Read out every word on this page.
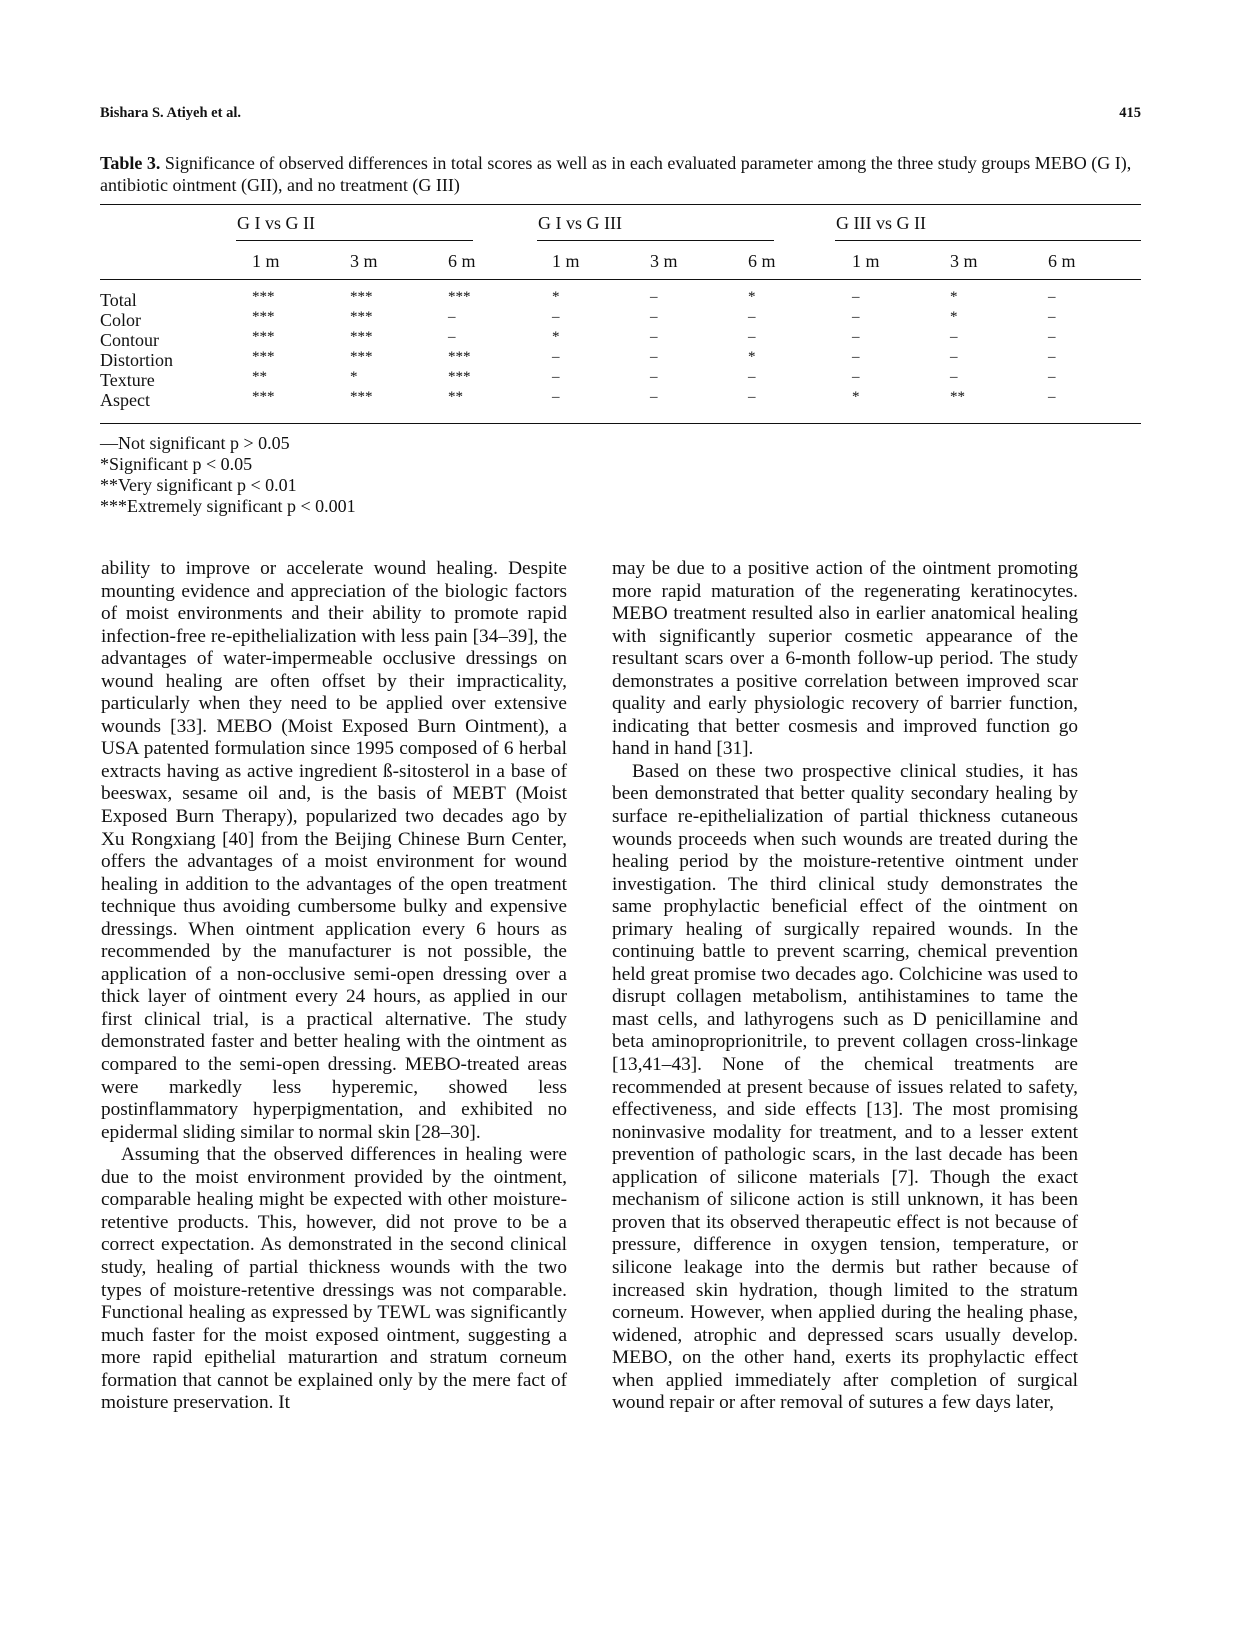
Bishara S. Atiyeh et al.	415
Table 3. Significance of observed differences in total scores as well as in each evaluated parameter among the three study groups MEBO (G I), antibiotic ointment (GII), and no treatment (G III)
G I vs G II	G I vs G III	G III vs G II
1 m	3 m	6 m	1 m	3 m	6 m	1 m	3 m	6 m
Total	***	***	***	*	–	*	–	*	–
Color	***	***	–	–	–	–	–	*	–
Contour	***	***	–	*	–	–	–	–	–
Distortion	***	***	***	–	–	*	–	–	–
Texture	**	*	***	–	–	–	–	–	–
Aspect	***	***	**	–	–	–	*	**	–
—Not significant p > 0.05
*Significant p < 0.05
**Very significant p < 0.01
***Extremely significant p < 0.001

ability to improve or accelerate wound healing. Despite mounting evidence and appreciation of the biologic factors of moist environments and their ability to promote rapid infection-free re-epithelialization with less pain [34–39], the advantages of water-impermeable occlusive dressings on wound healing are often offset by their impracticality, particularly when they need to be applied over extensive wounds [33]. MEBO (Moist Exposed Burn Ointment), a USA patented formulation since 1995 composed of 6 herbal extracts having as active ingredient ß-sitosterol in a base of beeswax, sesame oil and, is the basis of MEBT (Moist Exposed Burn Therapy), popularized two decades ago by Xu Rongxiang [40] from the Beijing Chinese Burn Center, offers the advantages of a moist environment for wound healing in addition to the advantages of the open treatment technique thus avoiding cumbersome bulky and expensive dressings. When ointment application every 6 hours as recommended by the manufacturer is not possible, the application of a non-occlusive semi-open dressing over a thick layer of ointment every 24 hours, as applied in our first clinical trial, is a practical alternative. The study demonstrated faster and better healing with the ointment as compared to the semi-open dressing. MEBO-treated areas were markedly less hyperemic, showed less postinflammatory hyperpigmentation, and exhibited no epidermal sliding similar to normal skin [28–30].

Assuming that the observed differences in healing were due to the moist environment provided by the ointment, comparable healing might be expected with other moisture-retentive products. This, however, did not prove to be a correct expectation. As demonstrated in the second clinical study, healing of partial thickness wounds with the two types of moisture-retentive dressings was not comparable. Functional healing as expressed by TEWL was significantly much faster for the moist exposed ointment, suggesting a more rapid epithelial maturartion and stratum corneum formation that cannot be explained only by the mere fact of moisture preservation. It

may be due to a positive action of the ointment promoting more rapid maturation of the regenerating keratinocytes. MEBO treatment resulted also in earlier anatomical healing with significantly superior cosmetic appearance of the resultant scars over a 6-month follow-up period. The study demonstrates a positive correlation between improved scar quality and early physiologic recovery of barrier function, indicating that better cosmesis and improved function go hand in hand [31].

Based on these two prospective clinical studies, it has been demonstrated that better quality secondary healing by surface re-epithelialization of partial thickness cutaneous wounds proceeds when such wounds are treated during the healing period by the moisture-retentive ointment under investigation. The third clinical study demonstrates the same prophylactic beneficial effect of the ointment on primary healing of surgically repaired wounds. In the continuing battle to prevent scarring, chemical prevention held great promise two decades ago. Colchicine was used to disrupt collagen metabolism, antihistamines to tame the mast cells, and lathyrogens such as D penicillamine and beta aminoproprionitrile, to prevent collagen cross-linkage [13,41–43]. None of the chemical treatments are recommended at present because of issues related to safety, effectiveness, and side effects [13]. The most promising noninvasive modality for treatment, and to a lesser extent prevention of pathologic scars, in the last decade has been application of silicone materials [7]. Though the exact mechanism of silicone action is still unknown, it has been proven that its observed therapeutic effect is not because of pressure, difference in oxygen tension, temperature, or silicone leakage into the dermis but rather because of increased skin hydration, though limited to the stratum corneum. However, when applied during the healing phase, widened, atrophic and depressed scars usually develop. MEBO, on the other hand, exerts its prophylactic effect when applied immediately after completion of surgical wound repair or after removal of sutures a few days later,
